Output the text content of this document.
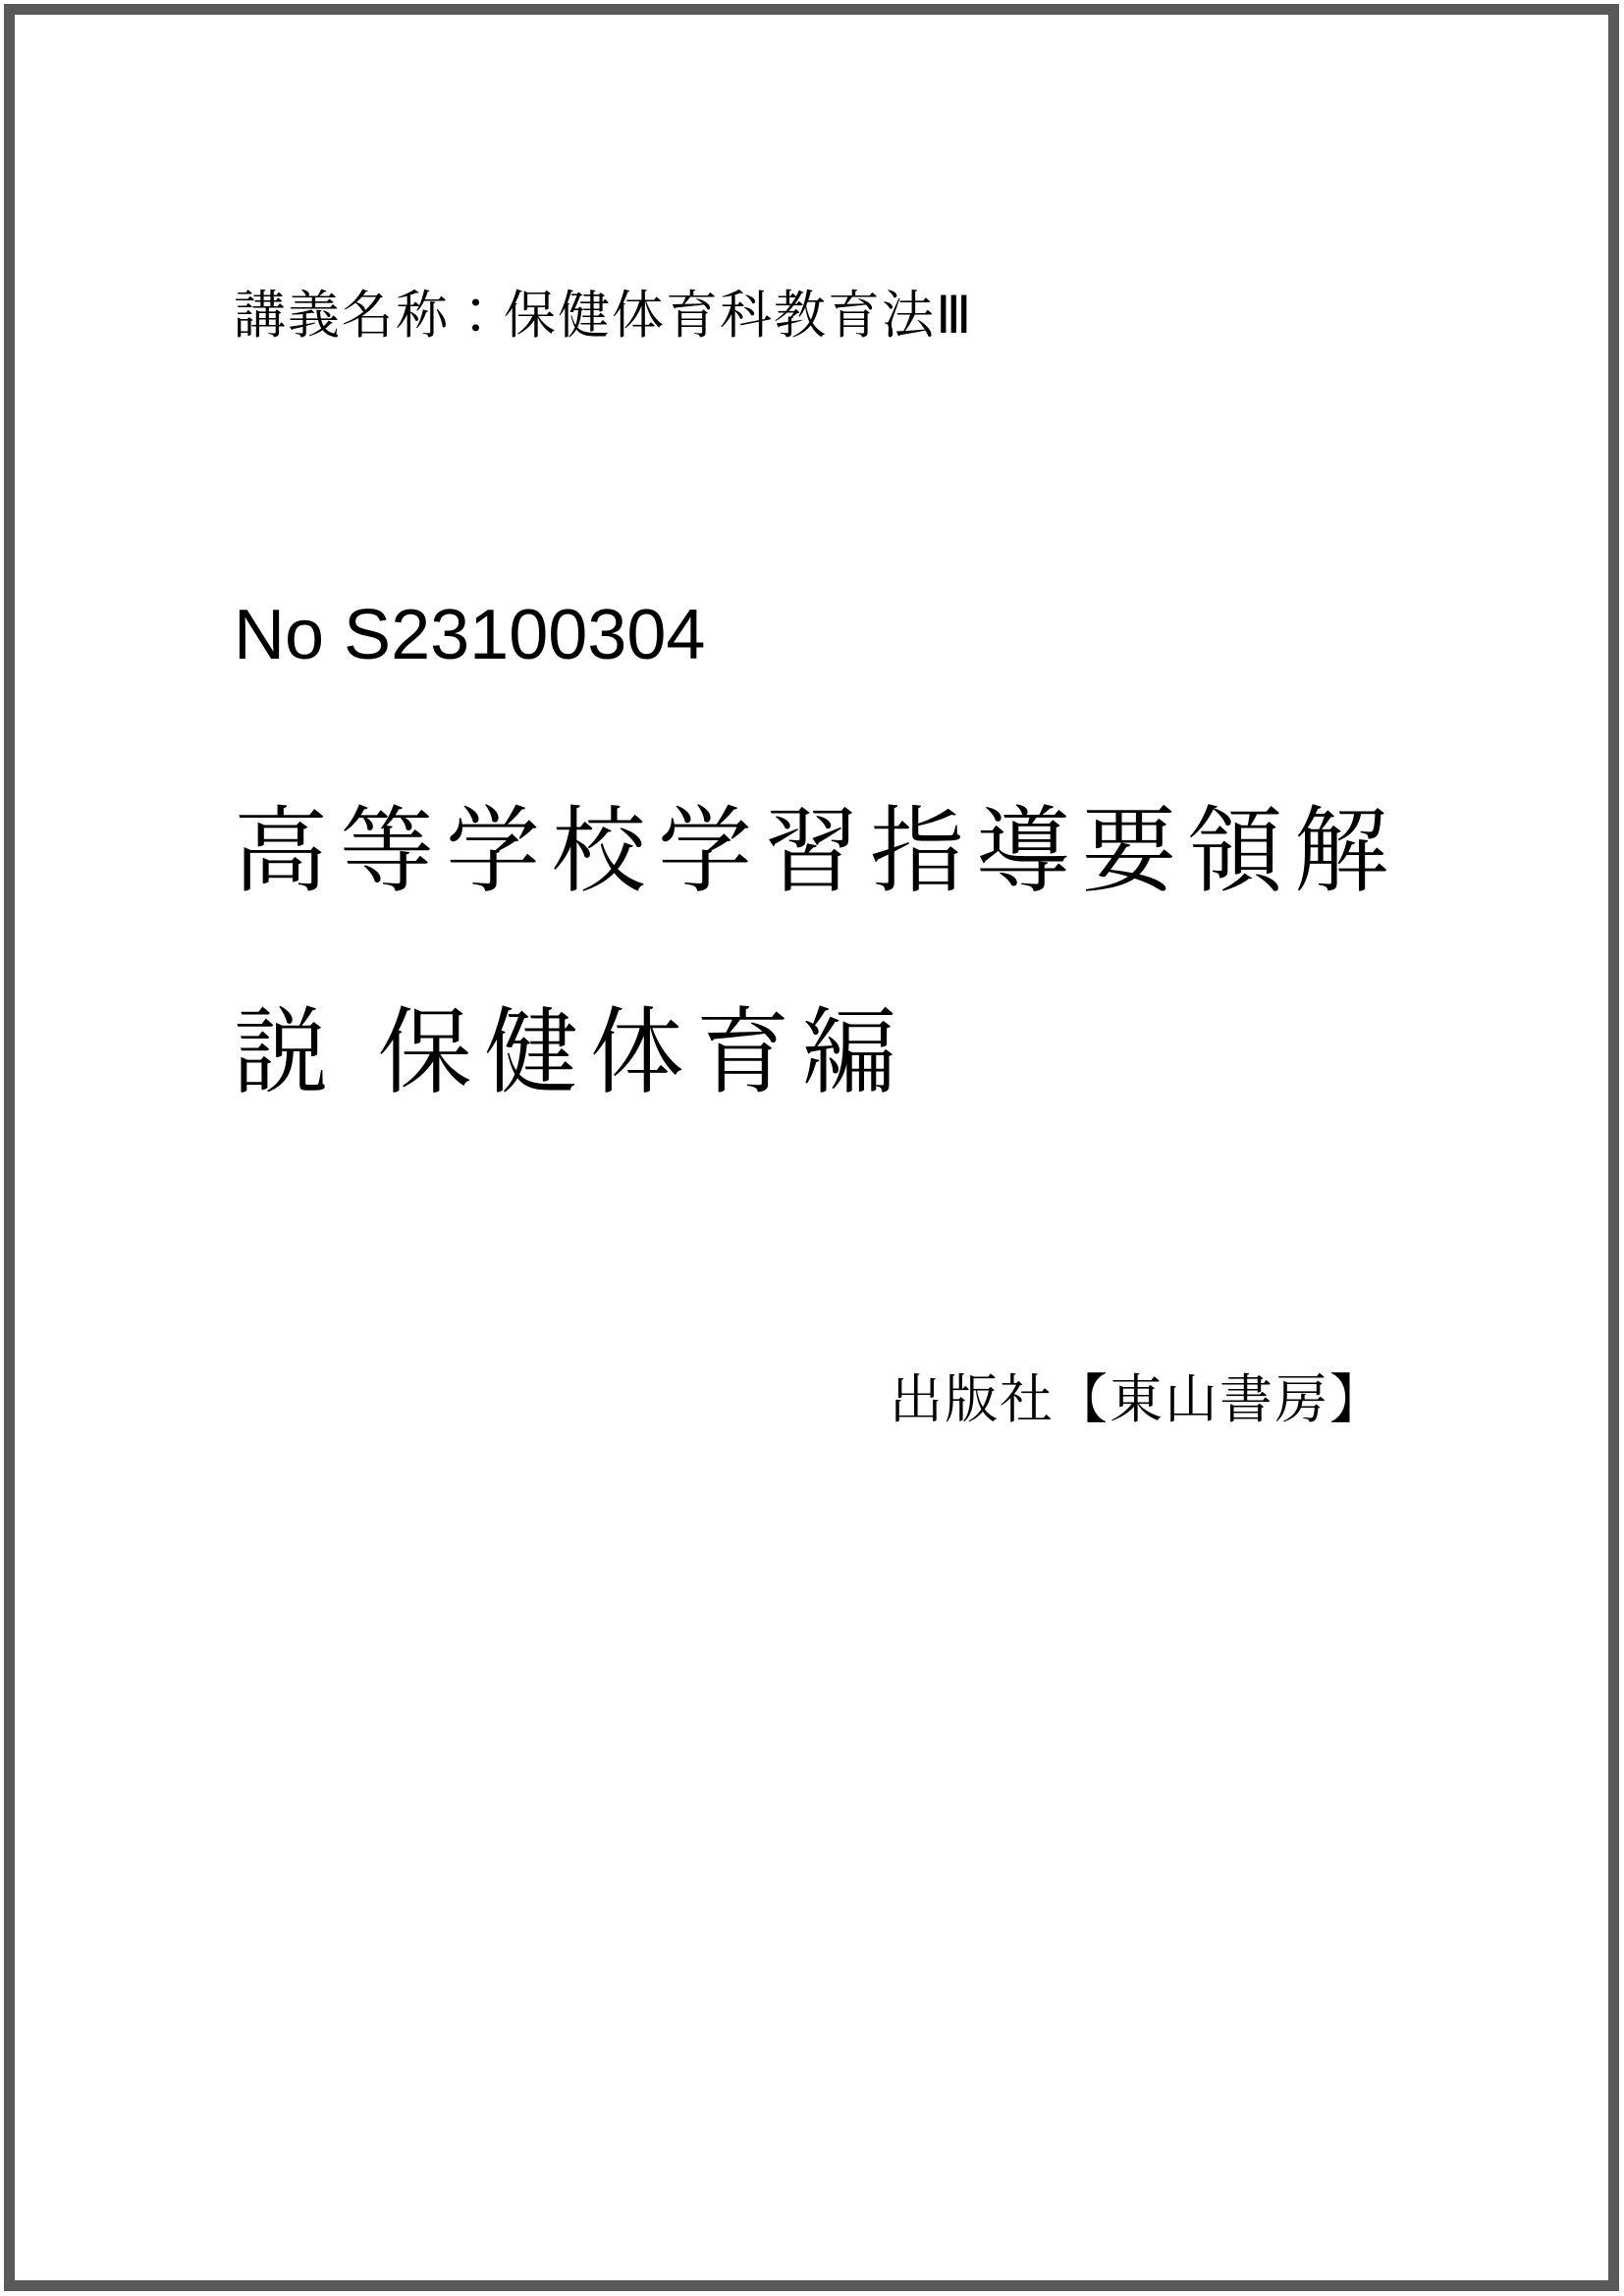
講義名称：保健体育科教育法Ⅲ
No S23100304
高等学校学習指導要領解
説 保健体育編
出版社【東山書房】
